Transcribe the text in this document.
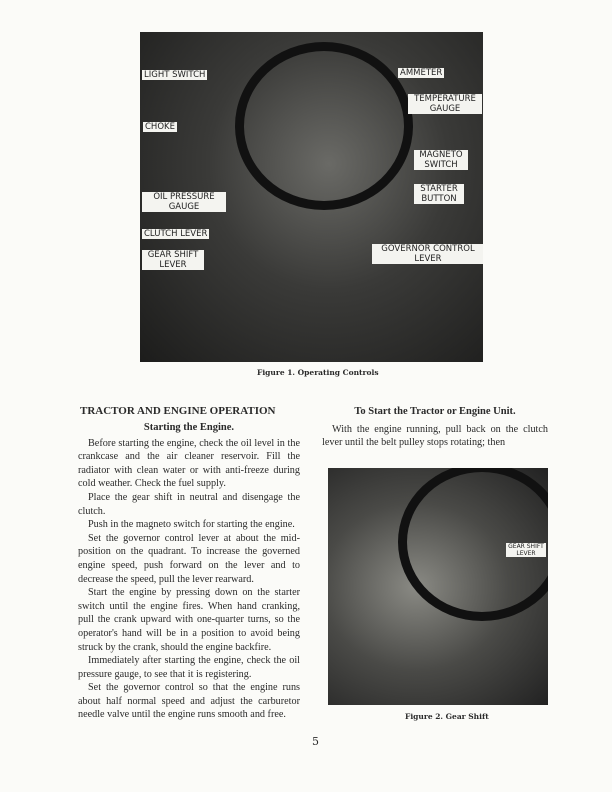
LIGHT SWITCH
CHOKE
OIL PRESSURE GAUGE
CLUTCH LEVER
GEAR SHIFT LEVER
AMMETER
TEMPERATURE GAUGE
MAGNETO SWITCH
STARTER BUTTON
GOVERNOR CONTROL LEVER
Figure 1. Operating Controls
TRACTOR AND ENGINE OPERATION
Starting the Engine.

Before starting the engine, check the oil level in the crankcase and the air cleaner reservoir. Fill the radiator with clean water or with anti-freeze during cold weather. Check the fuel supply.

Place the gear shift in neutral and disengage the clutch.

Push in the magneto switch for starting the engine.

Set the governor control lever at about the mid-position on the quadrant. To increase the governed engine speed, push forward on the lever and to decrease the speed, pull the lever rearward.

Start the engine by pressing down on the starter switch until the engine fires. When hand cranking, pull the crank upward with one-quarter turns, so the operator's hand will be in a position to avoid being struck by the crank, should the engine backfire.

Immediately after starting the engine, check the oil pressure gauge, to see that it is registering.

Set the governor control so that the engine runs about half normal speed and adjust the carburetor needle valve until the engine runs smooth and free.

To Start the Tractor or Engine Unit.

With the engine running, pull back on the clutch lever until the belt pulley stops rotating; then

GEAR SHIFT LEVER
Figure 2. Gear Shift
5
